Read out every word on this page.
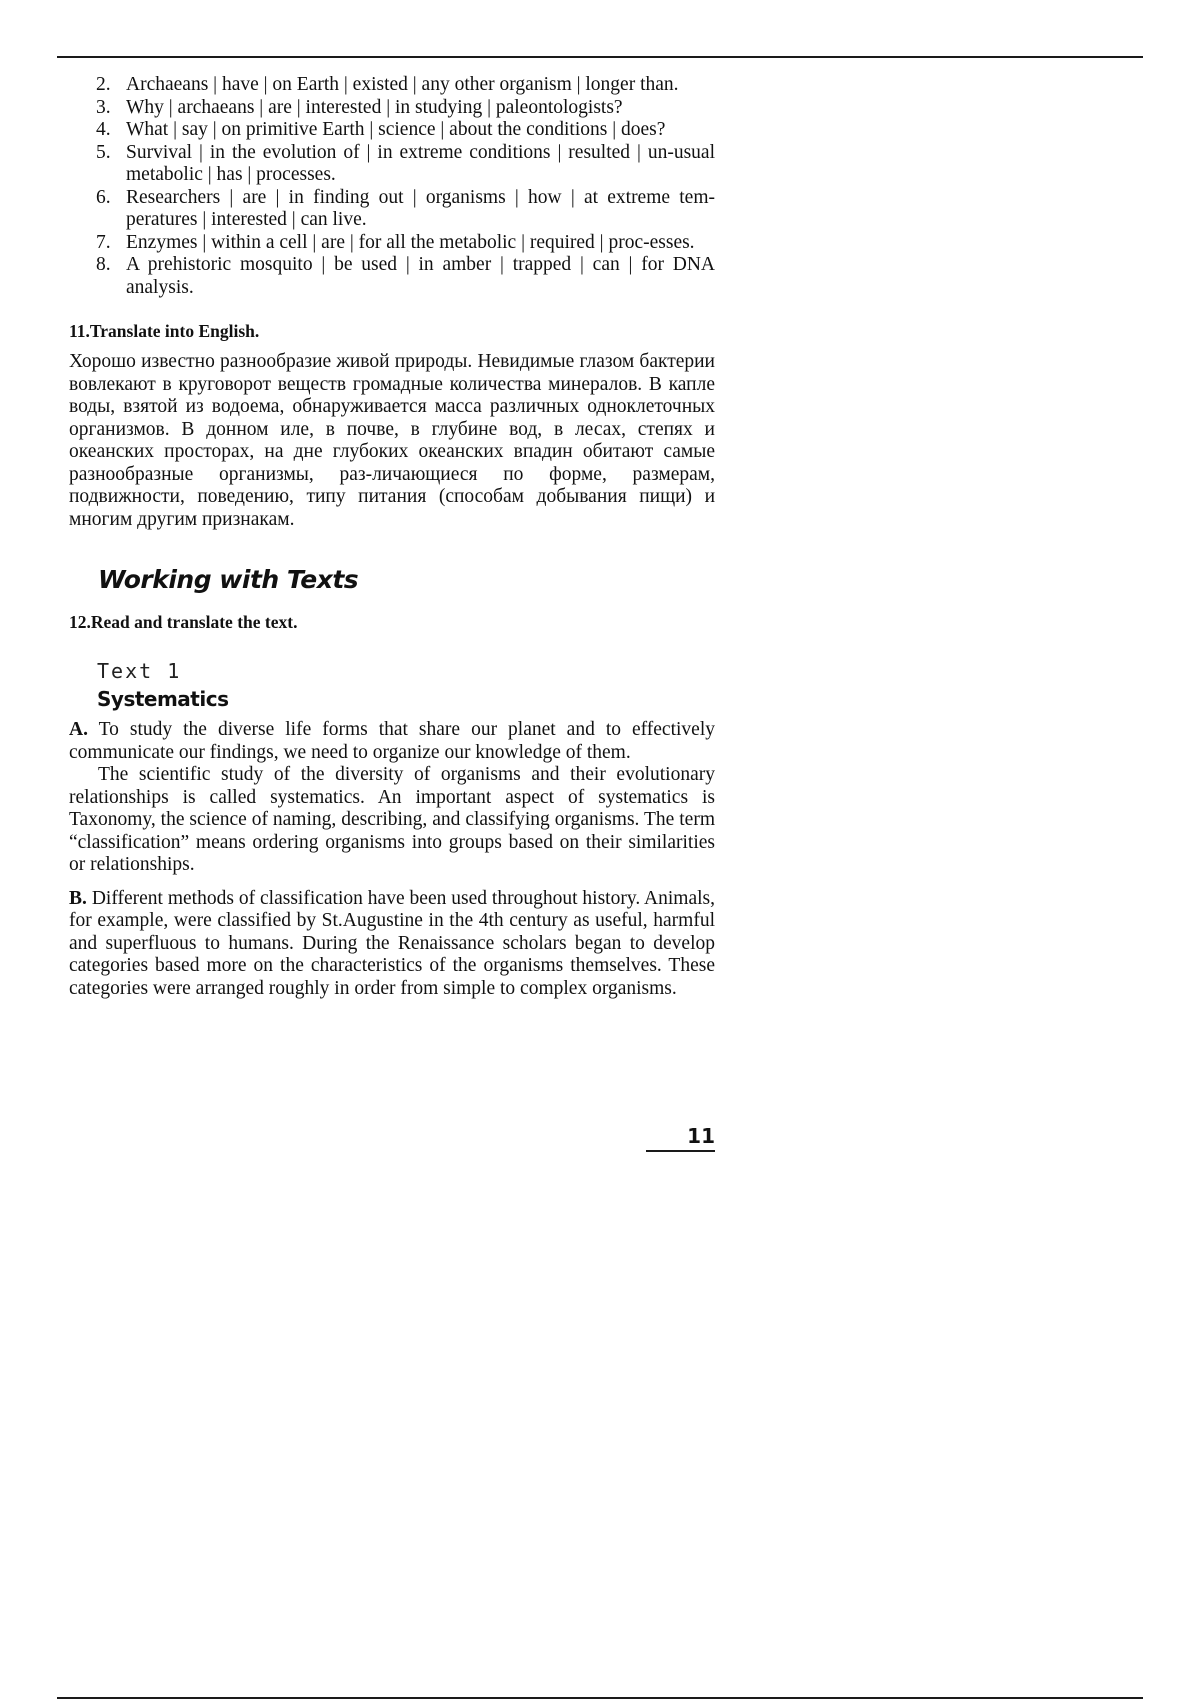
2. Archaeans | have | on Earth | existed | any other organism | longer than.
3. Why | archaeans | are | interested | in studying | paleontologists?
4. What | say | on primitive Earth | science | about the conditions | does?
5. Survival | in the evolution of | in extreme conditions | resulted | un-usual metabolic | has | processes.
6. Researchers | are | in finding out | organisms | how | at extreme tem-peratures | interested | can live.
7. Enzymes | within a cell | are | for all the metabolic | required | proc-esses.
8. A prehistoric mosquito | be used | in amber | trapped | can | for DNA analysis.

11.Translate into English.

Хорошо известно разнообразие живой природы. Невидимые глазом бактерии вовлекают в круговорот веществ громадные количества минералов. В капле воды, взятой из водоема, обнаруживается масса различных одноклеточных организмов. В донном иле, в почве, в глубине вод, в лесах, степях и океанских просторах, на дне глубоких океанских впадин обитают самые разнообразные организмы, раз-личающиеся по форме, размерам, подвижности, поведению, типу питания (способам добывания пищи) и многим другим признакам.

Working with Texts

12.Read and translate the text.

Text 1

Systematics

A. To study the diverse life forms that share our planet and to effectively communicate our findings, we need to organize our knowledge of them.

The scientific study of the diversity of organisms and their evolutionary relationships is called systematics. An important aspect of systematics is Taxonomy, the science of naming, describing, and classifying organisms. The term “classification” means ordering organisms into groups based on their similarities or relationships.

B. Different methods of classification have been used throughout history. Animals, for example, were classified by St.Augustine in the 4th century as useful, harmful and superfluous to humans. During the Renaissance scholars began to develop categories based more on the characteristics of the organisms themselves. These categories were arranged roughly in order from simple to complex organisms.

11
